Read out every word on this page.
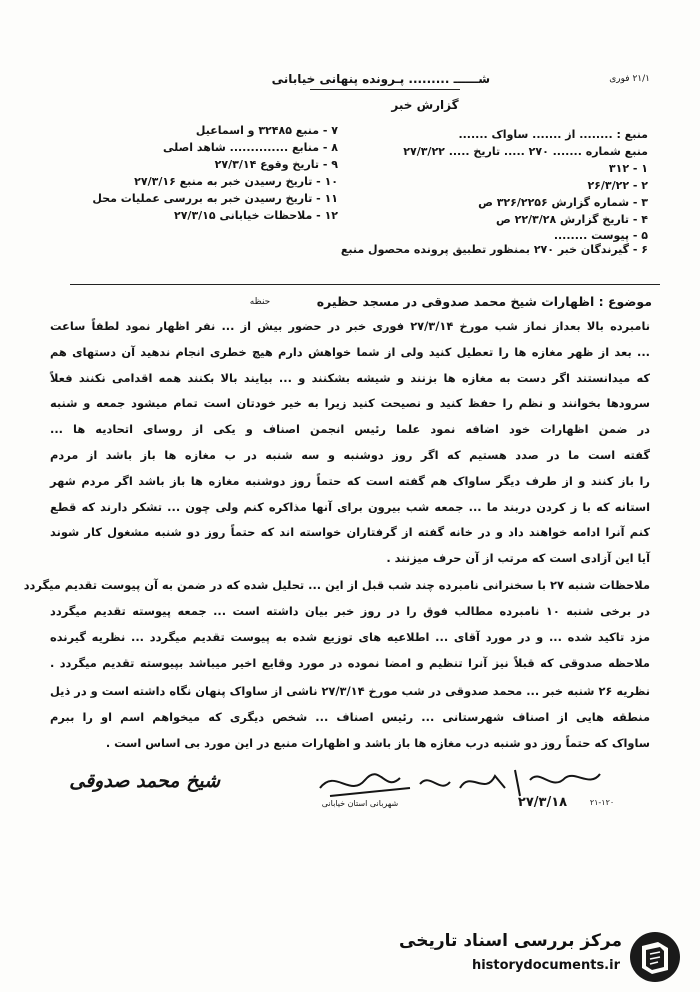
شــــــ ......... پـرونده پنهانی خیابانی	۲۱/۱ فوری
گزارش خبر
منبع : ........ از ....... ساواک .......
منبع شماره ....... ۲۷۰ ..... تاریخ ..... ۲۷/۳/۲۲
۱ - ۳۱۲
۲ - ۲۶/۳/۲۲
۳ - شماره گزارش ۳۲۶/۲۲۵۶ ص
۴ - تاریخ گزارش ۲۲/۳/۲۸ ص
۵ - پیوست ........
۷ - منبع ۳۲۴۸۵ و اسماعیل
۸ - منابع .............. شاهد اصلی
۹ - تاریخ وقوع ۲۷/۳/۱۴
۱۰ - تاریخ رسیدن خبر به منبع ۲۷/۳/۱۶
۱۱ - تاریخ رسیدن خبر به بررسی عملیات محل
۱۲ - ملاحظات خیابانی ۲۷/۳/۱۵
۶ - گیرندگان خبر ۲۷۰ بمنظور تطبیق پرونده محصول منبع
موضوع : اظهارات شیخ محمد صدوقی در مسجد حظیره
حنظه

نامبرده بالا بعداز نماز شب مورخ ۲۷/۳/۱۴ فوری خبر در حضور بیش از ... نفر اظهار نمود لطفاً ساعت

... بعد از ظهر مغازه ها را تعطیل کنید ولی از شما خواهش دارم هیچ خطری انجام ندهید آن دستهای هم

که میدانستند اگر دست به مغازه ها بزنند و شیشه بشکنند و ... بیایند بالا بکنند همه اقدامی نکنند فعلاً

سرودها بخوانند و نظم را حفظ کنید و نصیحت کنید زیرا به خیر خودتان است تمام میشود جمعه و شنبه

در ضمن اظهارات خود اضافه نمود علما رئیس انجمن اصناف و یکی از روسای اتحادیه ها ...

گفته است ما در صدد هستیم که اگر روز دوشنبه و سه شنبه در ب مغازه ها باز باشد از مردم

را باز کنند و از طرف دیگر ساواک هم گفته است که حتماً روز دوشنبه مغازه ها باز باشد اگر مردم شهر

استانه که با ز کردن دربند ما ... جمعه شب بیرون برای آنها مذاکره کنم ولی چون ... تشکر دارند که قطع

کنم آنرا ادامه خواهند داد و در خانه گفته از گرفتاران خواسته اند که حتماً روز دو شنبه مشغول کار شوند

آیا این آزادی است که مرتب از آن حرف میزنند .

ملاحظات شنبه ۲۷ با سخنرانی نامبرده چند شب قبل از این ... تحلیل شده که در ضمن به آن پیوست تقدیم میگردد

در برخی شنبه ۱۰ نامبرده مطالب فوق را در روز خبر بیان داشته است ... جمعه پیوسته تقدیم میگردد

مزد تاکید شده ... و در مورد آقای ... اطلاعیه های توزیع شده به پیوست تقدیم میگردد ... نظریه گیرنده

ملاحظه صدوقی که قبلاً نیز آنرا تنظیم و امضا نموده در مورد وقایع اخیر میباشد بپیوسته تقدیم میگردد .

نظریه ۲۶ شنبه خبر ... محمد صدوقی در شب مورخ ۲۷/۳/۱۴ ناشی از ساواک پنهان نگاه داشته است و در ذیل

منطقه هایی از اصناف شهرستانی ... رئیس اصناف ... شخص دیگری که میخواهم اسم او را ببرم

ساواک که حتماً روز دو شنبه درب مغازه ها باز باشد و اظهارات منبع در این مورد بی اساس است .

شیخ محمد صدوقی
شهربانی استان خیابانی	۲۷/۳/۱۸	۲۱-۱۲۰
مرکز بررسی اسناد تاریخی
historydocuments.ir
